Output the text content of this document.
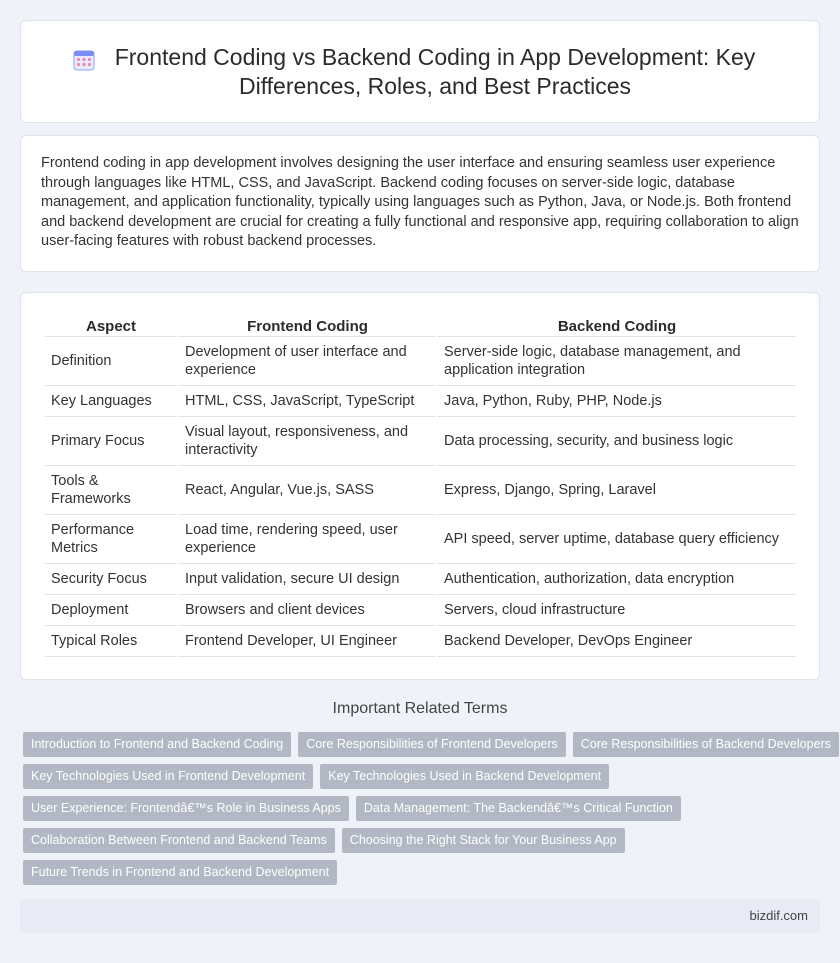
Frontend Coding vs Backend Coding in App Development: Key Differences, Roles, and Best Practices

Frontend coding in app development involves designing the user interface and ensuring seamless user experience through languages like HTML, CSS, and JavaScript. Backend coding focuses on server-side logic, database management, and application functionality, typically using languages such as Python, Java, or Node.js. Both frontend and backend development are crucial for creating a fully functional and responsive app, requiring collaboration to align user-facing features with robust backend processes.

Aspect	Frontend Coding	Backend Coding
Definition	Development of user interface and experience	Server-side logic, database management, and application integration
Key Languages	HTML, CSS, JavaScript, TypeScript	Java, Python, Ruby, PHP, Node.js
Primary Focus	Visual layout, responsiveness, and interactivity	Data processing, security, and business logic
Tools & Frameworks	React, Angular, Vue.js, SASS	Express, Django, Spring, Laravel
Performance Metrics	Load time, rendering speed, user experience	API speed, server uptime, database query efficiency
Security Focus	Input validation, secure UI design	Authentication, authorization, data encryption
Deployment	Browsers and client devices	Servers, cloud infrastructure
Typical Roles	Frontend Developer, UI Engineer	Backend Developer, DevOps Engineer
Important Related Terms
Introduction to Frontend and Backend Coding	Core Responsibilities of Frontend Developers	Core Responsibilities of Backend Developers
Key Technologies Used in Frontend Development	Key Technologies Used in Backend Development
User Experience: Frontendâ€™s Role in Business Apps	Data Management: The Backendâ€™s Critical Function
Collaboration Between Frontend and Backend Teams	Choosing the Right Stack for Your Business App
Future Trends in Frontend and Backend Development
bizdif.com
